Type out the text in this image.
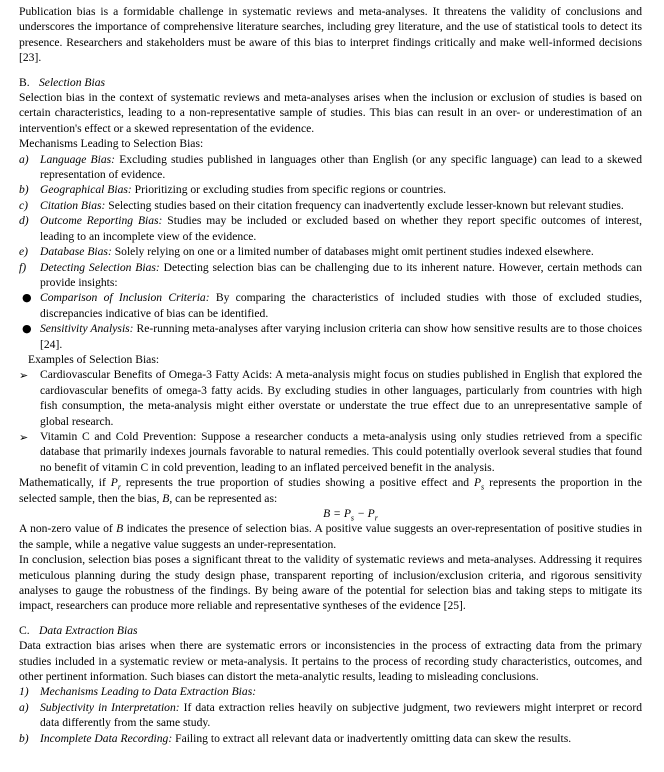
Publication bias is a formidable challenge in systematic reviews and meta-analyses. It threatens the validity of conclusions and underscores the importance of comprehensive literature searches, including grey literature, and the use of statistical tools to detect its presence. Researchers and stakeholders must be aware of this bias to interpret findings critically and make well-informed decisions [23].

B. Selection Bias

Selection bias in the context of systematic reviews and meta-analyses arises when the inclusion or exclusion of studies is based on certain characteristics, leading to a non-representative sample of studies. This bias can result in an over- or underestimation of an intervention's effect or a skewed representation of the evidence.

Mechanisms Leading to Selection Bias:

a) Language Bias: Excluding studies published in languages other than English (or any specific language) can lead to a skewed representation of evidence.
b) Geographical Bias: Prioritizing or excluding studies from specific regions or countries.
c) Citation Bias: Selecting studies based on their citation frequency can inadvertently exclude lesser-known but relevant studies.
d) Outcome Reporting Bias: Studies may be included or excluded based on whether they report specific outcomes of interest, leading to an incomplete view of the evidence.
e) Database Bias: Solely relying on one or a limited number of databases might omit pertinent studies indexed elsewhere.
f) Detecting Selection Bias: Detecting selection bias can be challenging due to its inherent nature. However, certain methods can provide insights:
● Comparison of Inclusion Criteria: By comparing the characteristics of included studies with those of excluded studies, discrepancies indicative of bias can be identified.
● Sensitivity Analysis: Re-running meta-analyses after varying inclusion criteria can show how sensitive results are to those choices [24].

Examples of Selection Bias:

➢ Cardiovascular Benefits of Omega-3 Fatty Acids: A meta-analysis might focus on studies published in English that explored the cardiovascular benefits of omega-3 fatty acids. By excluding studies in other languages, particularly from countries with high fish consumption, the meta-analysis might either overstate or understate the true effect due to an unrepresentative sample of global research.
➢ Vitamin C and Cold Prevention: Suppose a researcher conducts a meta-analysis using only studies retrieved from a specific database that primarily indexes journals favorable to natural remedies. This could potentially overlook several studies that found no benefit of vitamin C in cold prevention, leading to an inflated perceived benefit in the analysis.

Mathematically, if $P_r$ represents the true proportion of studies showing a positive effect and $P_s$ represents the proportion in the selected sample, then the bias, B, can be represented as:

$B = P_s - P_r$

A non-zero value of B indicates the presence of selection bias. A positive value suggests an over-representation of positive studies in the sample, while a negative value suggests an under-representation.

In conclusion, selection bias poses a significant threat to the validity of systematic reviews and meta-analyses. Addressing it requires meticulous planning during the study design phase, transparent reporting of inclusion/exclusion criteria, and rigorous sensitivity analyses to gauge the robustness of the findings. By being aware of the potential for selection bias and taking steps to mitigate its impact, researchers can produce more reliable and representative syntheses of the evidence [25].

C. Data Extraction Bias

Data extraction bias arises when there are systematic errors or inconsistencies in the process of extracting data from the primary studies included in a systematic review or meta-analysis. It pertains to the process of recording study characteristics, outcomes, and other pertinent information. Such biases can distort the meta-analytic results, leading to misleading conclusions.

1) Mechanisms Leading to Data Extraction Bias:
a) Subjectivity in Interpretation: If data extraction relies heavily on subjective judgment, two reviewers might interpret or record data differently from the same study.
b) Incomplete Data Recording: Failing to extract all relevant data or inadvertently omitting data can skew the results.
